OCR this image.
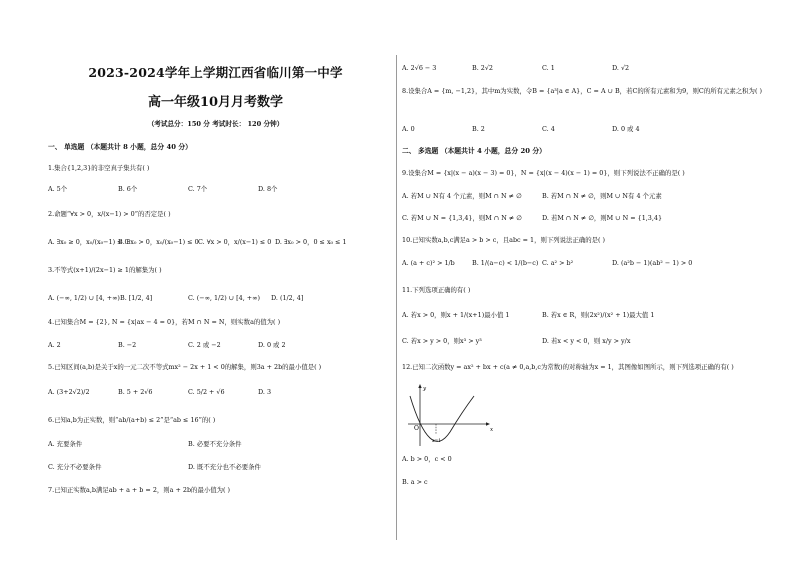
2023-2024学年上学期江西省临川第一中学
高一年级10月月考数学
（考试总分：150 分 考试时长： 120 分钟）
一、 单选题 （本题共计 8 小题，总分 40 分）
1.集合{1,2,3}的非空真子集共有( )
A. 5个	B. 6个	C. 7个	D. 8个
2.命题“∀x > 0，x/(x−1) > 0”的否定是( )
A. ∃x₀ ≥ 0，x₀/(x₀−1) ≤ 0
B. ∃x₀ > 0，x₀/(x₀−1) ≤ 0 C. ∀x > 0，x/(x−1) ≤ 0 D. ∃x₀ > 0，0 ≤ x₀ ≤ 1
3.不等式(x+1)/(2x−1) ≥ 1的解集为( )
A. (−∞, 1/2) ∪ [4, +∞) B. [1/2, 4]	C. (−∞, 1/2) ∪ [4, +∞) D. (1/2, 4]
4.已知集合M = {2}, N = {x|ax − 4 = 0}，若M ∩ N = N，则实数a的值为( )
A. 2	B. −2	C. 2 或 −2	D. 0 或 2
5.已知区间(a,b)是关于x的一元二次不等式mx² − 2x + 1 < 0的解集，则3a + 2b的最小值是( )
A. (3+2√2)/2	B. 5 + 2√6	C. 5/2 + √6	D. 3
6.已知a,b为正实数，则“ab/(a+b) ≤ 2”是“ab ≤ 16”的( )
A. 充要条件	B. 必要不充分条件
C. 充分不必要条件	D. 既不充分也不必要条件
7.已知正实数a,b满足ab + a + b = 2，则a + 2b的最小值为( )
A. 2√6 − 3	B. 2√2	C. 1	D. √2
8.设集合A = {m, −1,2}，其中m为实数，令B = {a³|a ∈ A}，C = A ∪ B，若C的所有元素和为9，则C的所有元素之积为( )
A. 0	B. 2	C. 4	D. 0 或 4
二、 多选题 （本题共计 4 小题，总分 20 分）
9.设集合M = {x|(x − a)(x − 3) = 0}，N = {x|(x − 4)(x − 1) = 0}，则下列说法不正确的是( )
A. 若M ∪ N有 4 个元素，则M ∩ N ≠ ∅	B. 若M ∩ N ≠ ∅，则M ∪ N有 4 个元素
C. 若M ∪ N = {1,3,4}，则M ∩ N ≠ ∅	D. 若M ∩ N ≠ ∅，则M ∪ N = {1,3,4}
10.已知实数a,b,c满足a > b > c，且abc = 1，则下列说法正确的是( )
A. (a + c)² > 1/b	B. 1/(a−c) < 1/(b−c) C. a² > b²	D. (a²b − 1)(ab² − 1) > 0
11.下列选项正确的有( )
A. 若x > 0，则x + 1/(x+1)最小值 1	B. 若x ∈ R，则(2x²)/(x² + 1)最大值 1
C. 若x > y > 0，则x³ > y³	D. 若x < y < 0，则 x/y > y/x
12.已知二次函数y = ax² + bx + c(a ≠ 0,a,b,c为常数)的对称轴为x = 1，其图像如图所示，则下列选项正确的有( )
O	x
y
x=1
A. b > 0，c < 0
B. a > c
